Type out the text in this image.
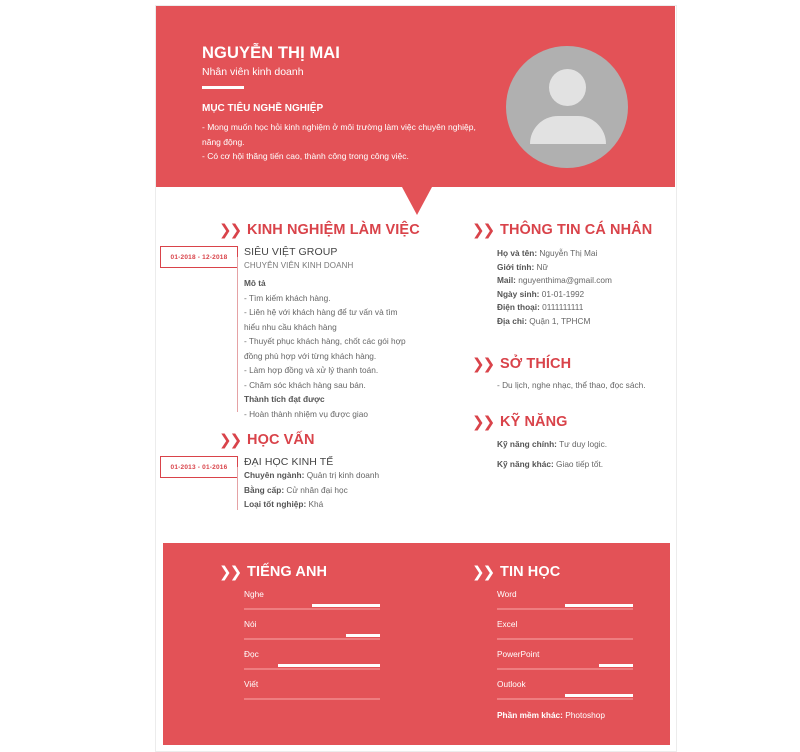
NGUYỄN THỊ MAI
Nhân viên kinh doanh
MỤC TIÊU NGHỀ NGHIỆP
- Mong muốn học hỏi kinh nghiệm ở môi trường làm việc chuyên nghiệp,
năng động.
- Có cơ hội thăng tiến cao, thành công trong công việc.
❯❯ KINH NGHIỆM LÀM VIỆC
01-2018 - 12-2018	SIÊU VIỆT GROUP
CHUYÊN VIÊN KINH DOANH
Mô tả
- Tìm kiếm khách hàng.
- Liên hệ với khách hàng để tư vấn và tìm
hiểu nhu cầu khách hàng
- Thuyết phục khách hàng, chốt các gói hợp
đồng phù hợp với từng khách hàng.
- Làm hợp đồng và xử lý thanh toán.
- Chăm sóc khách hàng sau bán.
Thành tích đạt được
- Hoàn thành nhiệm vụ được giao
❯❯ HỌC VẤN
01-2013 - 01-2016	ĐẠI HỌC KINH TẾ
Chuyên ngành: Quản trị kinh doanh
Bằng cấp: Cử nhân đại học
Loại tốt nghiệp: Khá
❯❯ THÔNG TIN CÁ NHÂN
Họ và tên: Nguyễn Thị Mai
Giới tính: Nữ
Mail: nguyenthima@gmail.com
Ngày sinh: 01-01-1992
Điện thoại: 0111111111
Địa chỉ: Quận 1, TPHCM
❯❯ SỞ THÍCH
- Du lịch, nghe nhạc, thể thao, đọc sách.
❯❯ KỸ NĂNG
Kỹ năng chính: Tư duy logic.
Kỹ năng khác: Giao tiếp tốt.
❯❯ TIẾNG ANH
Nghe
Nói
Đọc
Viết
❯❯ TIN HỌC
Word
Excel
PowerPoint
Outlook
Phần mềm khác: Photoshop
